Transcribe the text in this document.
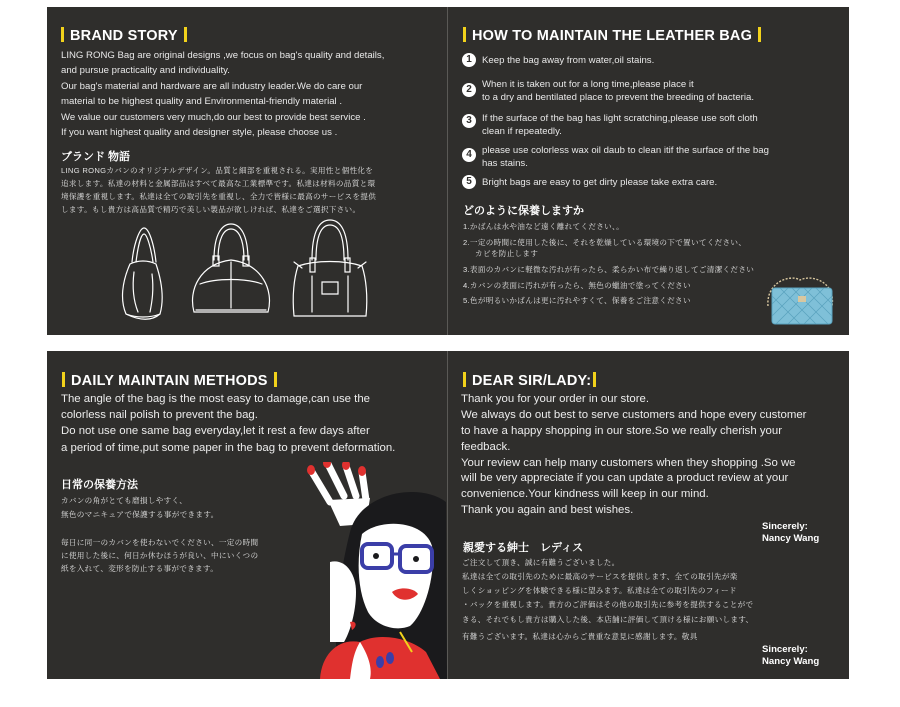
BRAND STORY
LING RONG Bag are original designs ,we focus on bag's quality and details,
and pursue practicality and individuality.
Our bag's material and hardware are all industry leader.We do care our
material to be highest quality and Environmental-friendly material .
We value our customers very much,do our best to provide best service .
If you want highest quality and designer style, please choose us .
ブランド 物語
LING RONGカバンのオリジナルデザイン。品質と細部を重視される。実用性と個性化を
追求します。私達の材料と金属部品はすべて最高な工業標準です。私達は材料の品質と環
境保護を重視します。私達は全ての取引先を重視し、全力で皆様に最高のサービスを提供
します。もし貴方は高品質で精巧で美しい製品が欲しければ、私達をご選択下さい。
HOW TO MAINTAIN THE LEATHER BAG
1	Keep the bag away from water,oil stains.
2	When it is taken out for a long time,please place it
to a dry and bentilated place to prevent the breeding of bacteria.
3	If the surface of the bag has light scratching,please use soft cloth
clean if repeatedly.
4	please use colorless wax oil daub to clean itif the surface of the bag
has stains.
5	Bright bags are easy to get dirty please take extra care.
どのように保養しますか
1.かばんは水や油など遠く離れてください、。
2.一定の時間に使用した後に、それを乾燥している環境の下で置いてください、
カビを防止します
3.表面のカバンに軽微な汚れが有ったら、柔らかい布で繰り返してご清潔ください
4.カバンの表面に汚れが有ったら、無色の蠟油で塗ってください
5.色が明るいかばんは更に汚れやすくて、保養をご注意ください
DAILY MAINTAIN METHODS
The angle of the bag is the most easy to damage,can use the
colorless nail polish to prevent the bag.
Do not use one same bag everyday,let it rest a few days after
a period of time,put some paper in the bag to prevent deformation.
日常の保養方法
カバンの角がとても磨損しやすく、
無色のマニキュアで保護する事ができます。
毎日に同一のカバンを使わないでください、一定の時間
に使用した後に、何日か休むほうが良い、中にいくつの
紙を入れて、変形を防止する事ができます。
DEAR SIR/LADY:
Thank you for your order in our store.
We always do out best to serve customers and hope every customer
to have a happy shopping in our store.So we really cherish your
feedback.
Your review can help many customers when they shopping .So we
will be very appreciate if you can update a product review at your
convenience.Your kindness will keep in our mind.
Thank you again and best wishes.
Sincerely:
Nancy Wang
親愛する紳士　レディス
ご注文して頂き、誠に有難うございました。
私達は全ての取引先のために最高のサービスを提供します、全ての取引先が楽
しくショッピングを体験できる様に望みます。私達は全ての取引先のフィード
・バックを重視します。貴方のご評価はその他の取引先に参考を提供することがで
きる、それでもし貴方は購入した後、本店舗に評価して頂ける様にお願いします、
有難うございます。私達は心からご貴重な意見に感謝します。敬具
Sincerely:
Nancy Wang
